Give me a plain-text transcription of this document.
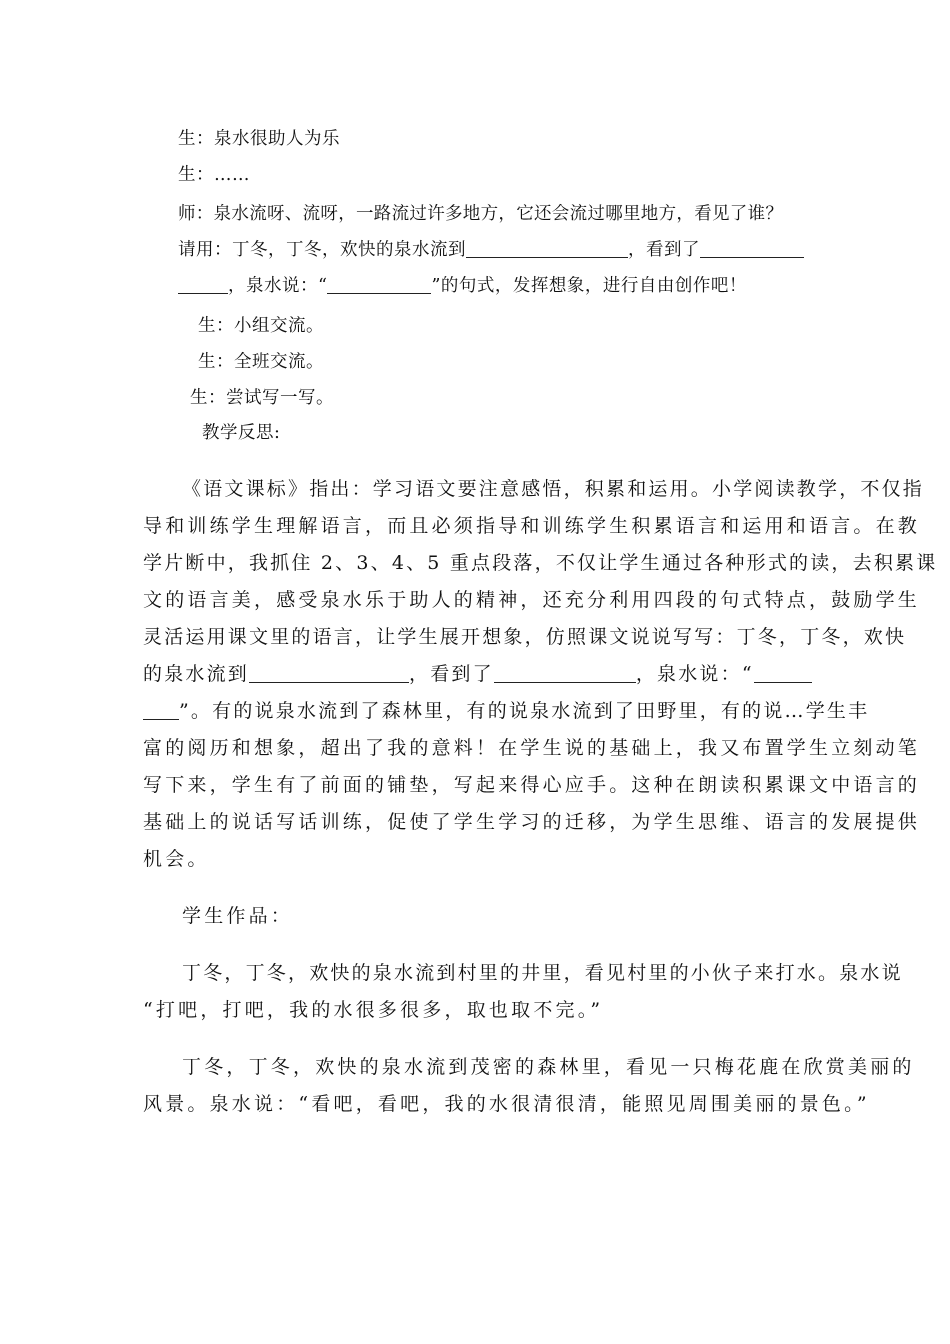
生：泉水很助人为乐
生：……
师：泉水流呀、流呀，一路流过许多地方，它还会流过哪里地方，看见了谁？
请用：丁冬，丁冬，欢快的泉水流到	，看到了
，泉水说：“	”的句式，发挥想象，进行自由创作吧！
生：小组交流。
生：全班交流。
生：尝试写一写。
教学反思:
《语文课标》指出：学习语文要注意感悟，积累和运用。小学阅读教学，不仅指
导和训练学生理解语言，而且必须指导和训练学生积累语言和运用和语言。在教
学片断中，我抓住 2、3、4、5 重点段落，不仅让学生通过各种形式的读，去积累课
文的语言美，感受泉水乐于助人的精神，还充分利用四段的句式特点，鼓励学生
灵活运用课文里的语言，让学生展开想象，仿照课文说说写写：丁冬，丁冬，欢快
的泉水流到	，看到了	，泉水说：“
”。有的说泉水流到了森林里，有的说泉水流到了田野里，有的说…学生丰
富的阅历和想象，超出了我的意料！在学生说的基础上，我又布置学生立刻动笔
写下来，学生有了前面的铺垫，写起来得心应手。这种在朗读积累课文中语言的
基础上的说话写话训练，促使了学生学习的迁移，为学生思维、语言的发展提供
机会。
学生作品：
丁冬，丁冬，欢快的泉水流到村里的井里，看见村里的小伙子来打水。泉水说
“打吧，打吧，我的水很多很多，取也取不完。”
丁冬，丁冬，欢快的泉水流到茂密的森林里，看见一只梅花鹿在欣赏美丽的
风景。泉水说：“看吧，看吧，我的水很清很清，能照见周围美丽的景色。”
